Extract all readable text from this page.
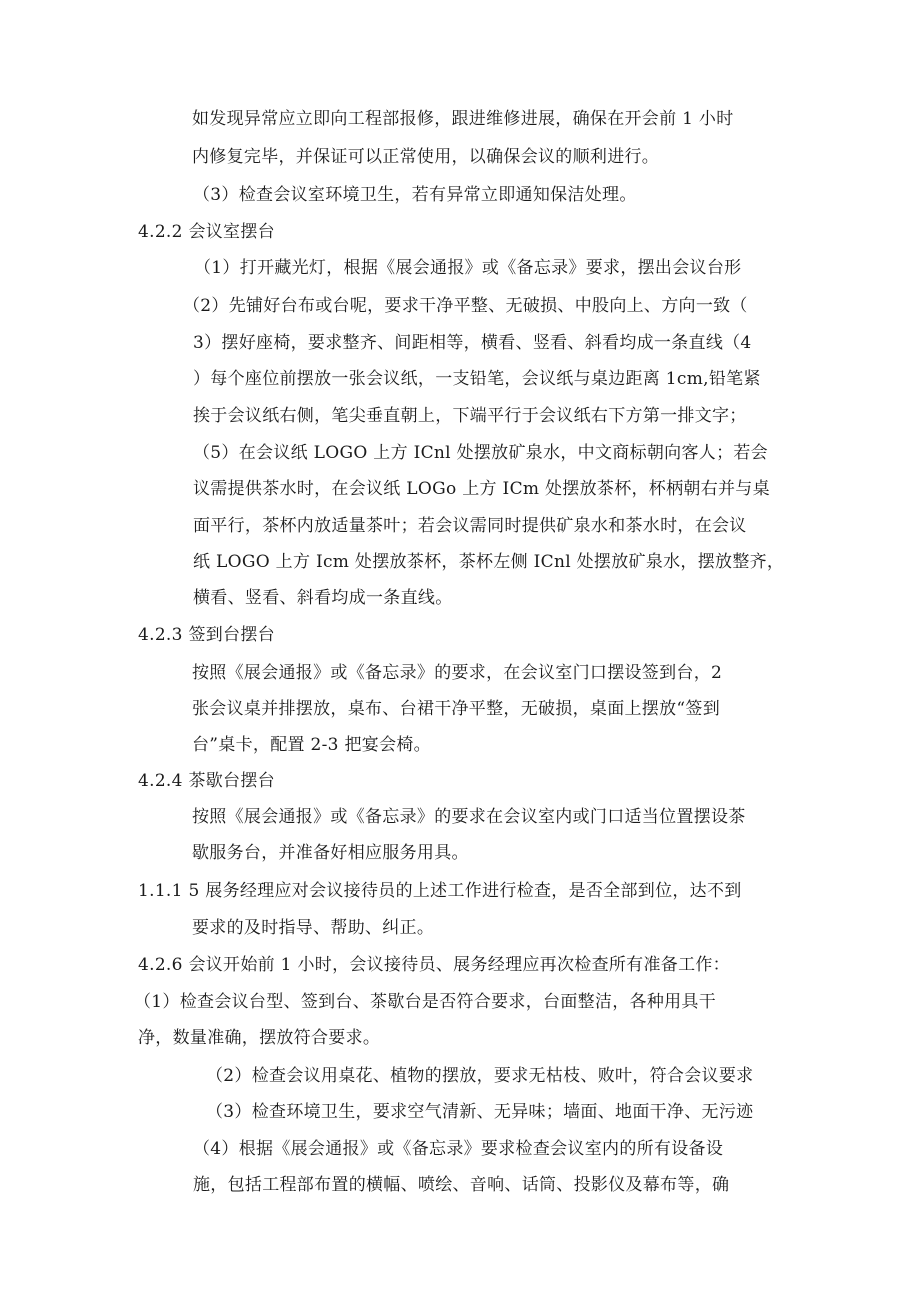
如发现异常应立即向工程部报修，跟进维修进展，确保在开会前 1 小时
内修复完毕，并保证可以正常使用，以确保会议的顺利进行。
（3）检查会议室环境卫生，若有异常立即通知保洁处理。
4.2.2 会议室摆台
（1）打开藏光灯，根据《展会通报》或《备忘录》要求，摆出会议台形
（2）先铺好台布或台呢，要求干净平整、无破损、中股向上、方向一致（
3）摆好座椅，要求整齐、间距相等，横看、竖看、斜看均成一条直线（4
）每个座位前摆放一张会议纸，一支铅笔，会议纸与桌边距离 1cm,铅笔紧
挨于会议纸右侧，笔尖垂直朝上，下端平行于会议纸右下方第一排文字；
（5）在会议纸 LOGO 上方 ICnl 处摆放矿泉水，中文商标朝向客人；若会
议需提供茶水时，在会议纸 LOGo 上方 ICm 处摆放茶杯，杯柄朝右并与桌
面平行，茶杯内放适量茶叶；若会议需同时提供矿泉水和茶水时，在会议
纸 LOGO 上方 Icm 处摆放茶杯，茶杯左侧 ICnl 处摆放矿泉水，摆放整齐，
横看、竖看、斜看均成一条直线。
4.2.3 签到台摆台
按照《展会通报》或《备忘录》的要求，在会议室门口摆设签到台，2
张会议桌并排摆放，桌布、台裙干净平整，无破损，桌面上摆放“签到
台”桌卡，配置 2-3 把宴会椅。
4.2.4 茶歇台摆台
按照《展会通报》或《备忘录》的要求在会议室内或门口适当位置摆设茶
歇服务台，并准备好相应服务用具。
1.1.1 5 展务经理应对会议接待员的上述工作进行检查，是否全部到位，达不到
要求的及时指导、帮助、纠正。
4.2.6 会议开始前 1 小时，会议接待员、展务经理应再次检查所有准备工作：
（1）检查会议台型、签到台、茶歇台是否符合要求，台面整洁，各种用具干
净，数量准确，摆放符合要求。
（2）检查会议用桌花、植物的摆放，要求无枯枝、败叶，符合会议要求
（3）检查环境卫生，要求空气清新、无异味；墙面、地面干净、无污迹
（4）根据《展会通报》或《备忘录》要求检查会议室内的所有设备设
施，包括工程部布置的横幅、喷绘、音响、话筒、投影仪及幕布等，确
